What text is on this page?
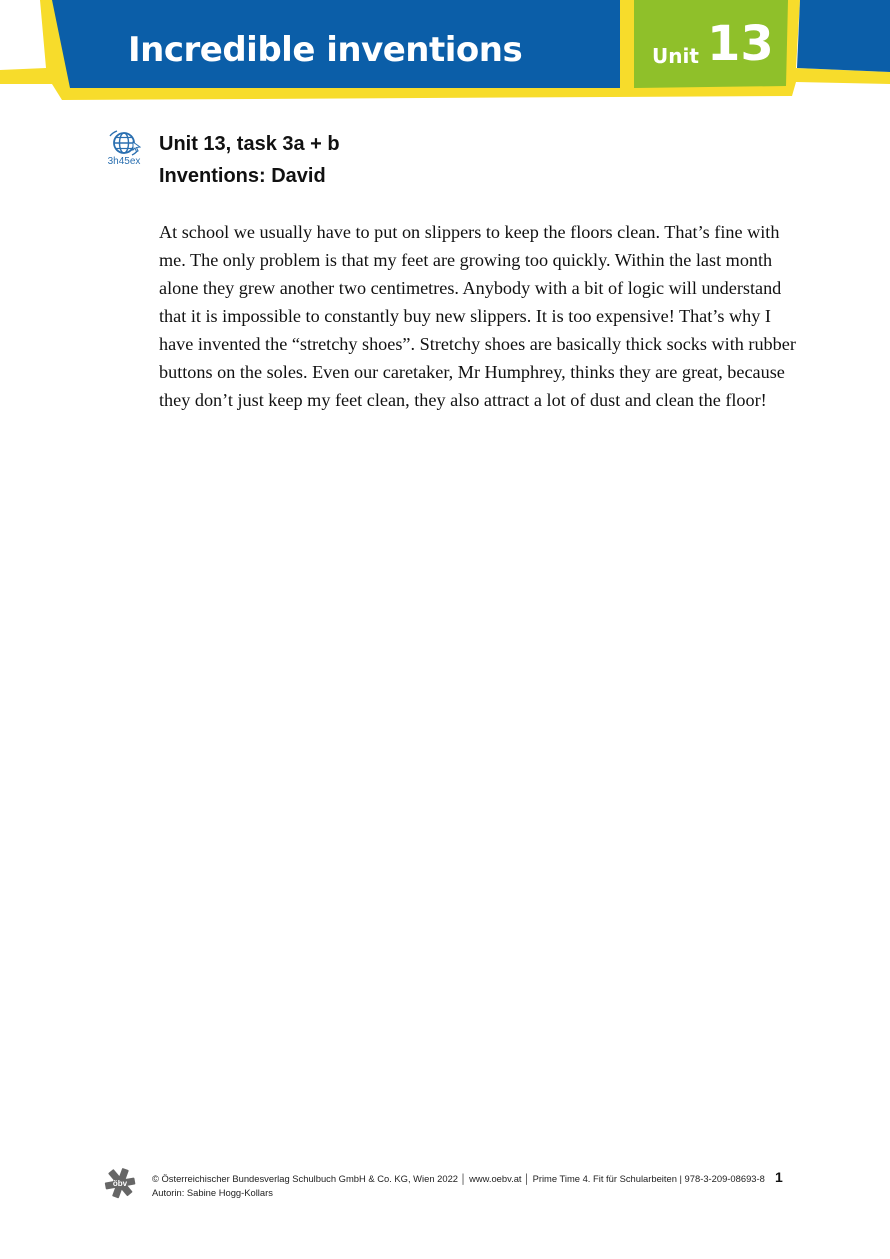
Incredible inventions	Unit 13
3h45ex
Unit 13, task 3a + b
Inventions: David
At school we usually have to put on slippers to keep the floors clean. That’s fine with me. The only problem is that my feet are growing too quickly. Within the last month alone they grew another two centimetres. Anybody with a bit of logic will understand that it is impossible to constantly buy new slippers. It is too expensive! That’s why I have invented the “stretchy shoes”. Stretchy shoes are basically thick socks with rubber buttons on the soles. Even our caretaker, Mr Humphrey, thinks they are great, because they don’t just keep my feet clean, they also attract a lot of dust and clean the floor!
öbv	© Österreichischer Bundesverlag Schulbuch GmbH & Co. KG, Wien 2022 │ www.oebv.at │ Prime Time 4. Fit für Schularbeiten | 978-3-209-08693-8
Autorin: Sabine Hogg-Kollars
1
